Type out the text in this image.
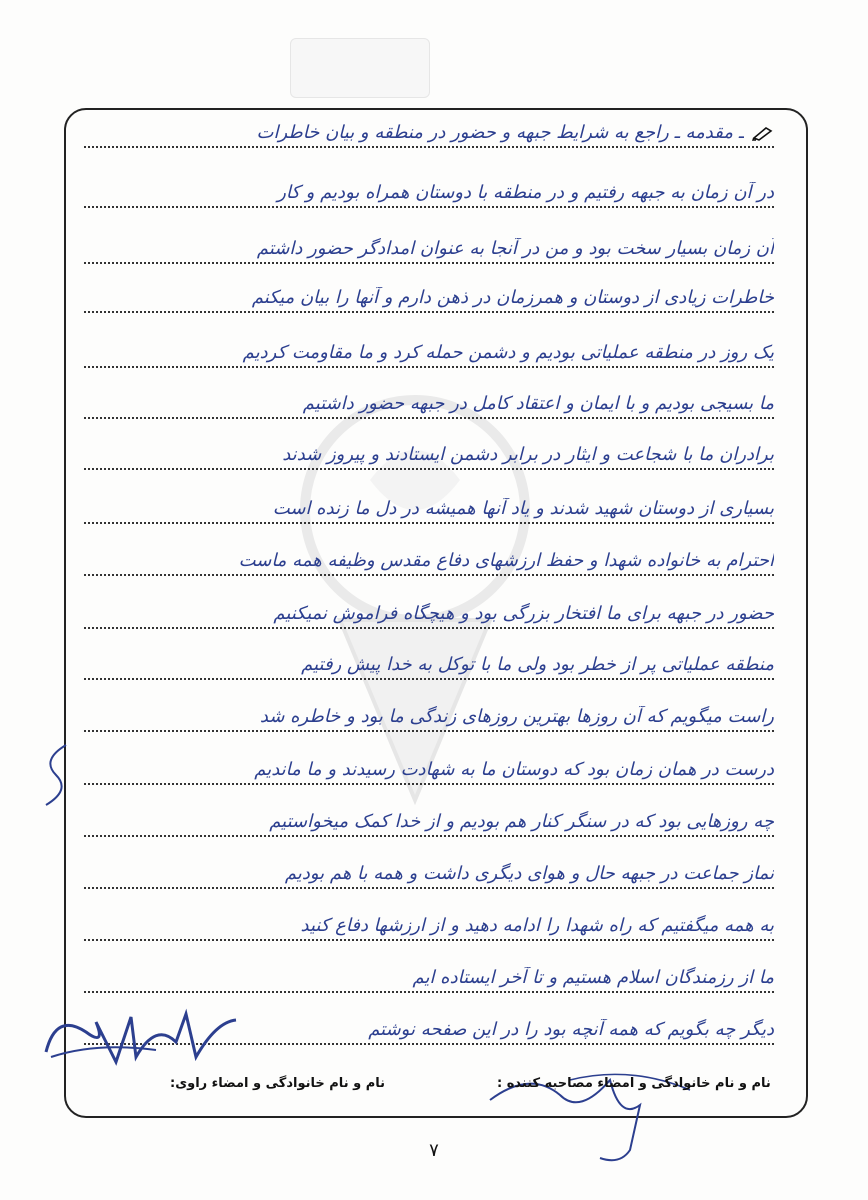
ـ مقدمه ـ راجع به شرایط جبهه و حضور در منطقه و بیان خاطرات
در آن زمان به جبهه رفتیم و در منطقه با دوستان همراه بودیم و کار
آن زمان بسیار سخت بود و من در آنجا به عنوان امدادگر حضور داشتم
خاطرات زیادی از دوستان و همرزمان در ذهن دارم و آنها را بیان میکنم
یک روز در منطقه عملیاتی بودیم و دشمن حمله کرد و ما مقاومت کردیم
ما بسیجی بودیم و با ایمان و اعتقاد کامل در جبهه حضور داشتیم
برادران ما با شجاعت و ایثار در برابر دشمن ایستادند و پیروز شدند
بسیاری از دوستان شهید شدند و یاد آنها همیشه در دل ما زنده است
احترام به خانواده شهدا و حفظ ارزشهای دفاع مقدس وظیفه همه ماست
حضور در جبهه برای ما افتخار بزرگی بود و هیچگاه فراموش نمیکنیم
منطقه عملیاتی پر از خطر بود ولی ما با توکل به خدا پیش رفتیم
راست میگویم که آن روزها بهترین روزهای زندگی ما بود و خاطره شد
درست در همان زمان بود که دوستان ما به شهادت رسیدند و ما ماندیم
چه روزهایی بود که در سنگر کنار هم بودیم و از خدا کمک میخواستیم
نماز جماعت در جبهه حال و هوای دیگری داشت و همه با هم بودیم
به همه میگفتیم که راه شهدا را ادامه دهید و از ارزشها دفاع کنید
ما از رزمندگان اسلام هستیم و تا آخر ایستاده ایم
دیگر چه بگویم که همه آنچه بود را در این صفحه نوشتم
نام و نام خانوادگی و امضاء مصاحبه کننده :
نام و نام خانوادگی و امضاء راوی:
۷
